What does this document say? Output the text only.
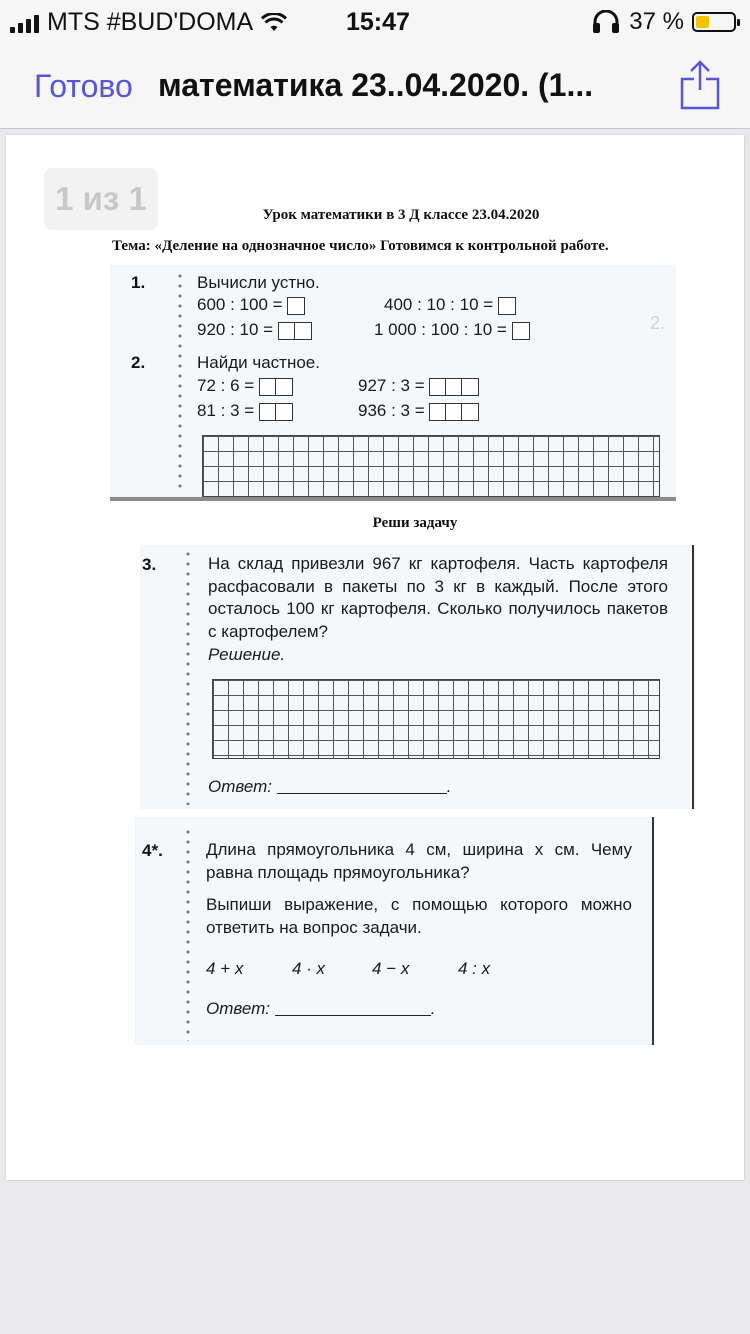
MTS #BUD'DOMA	15:47	37 %
Готово математика 23..04.2020. (1...
1 из 1	Урок математики в 3 Д классе 23.04.2020
Тема: «Деление на однозначное число» Готовимся к контрольной работе.
2.
1.	Вычисли устно.
600 : 100 =	400 : 10 : 10 =
920 : 10 =	1 000 : 100 : 10 =
2.	Найди частное.
72 : 6 =	927 : 3 =
81 : 3 =	936 : 3 =
Реши задачу
3.	На склад привезли 967 кг картофеля. Часть картофеля расфасовали в пакеты по 3 кг в каждый. После этого осталось 100 кг картофеля. Сколько получилось пакетов с картофелем?
Решение.
Ответ:	.
4*.	Длина прямоугольника 4 см, ширина x см. Чему равна площадь прямоугольника?
Выпиши выражение, с помощью которого можно ответить на вопрос задачи.
4 + x	4 · x	4 − x	4 : x
Ответ:	.
